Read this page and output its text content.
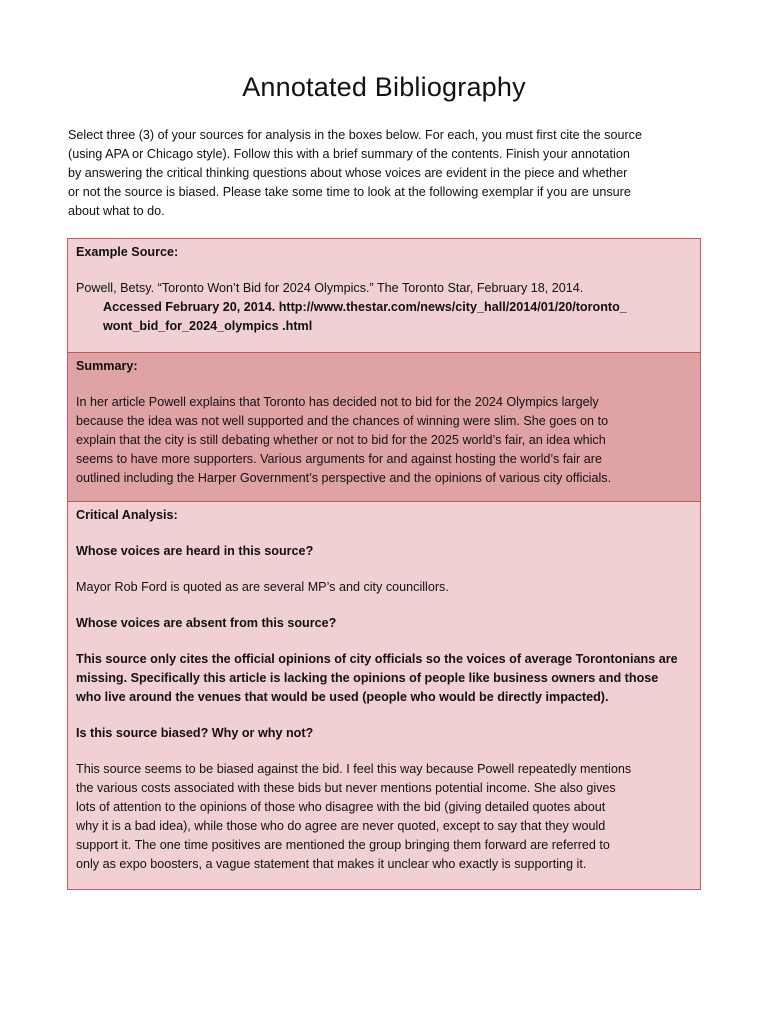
Annotated Bibliography
Select three (3) of your sources for analysis in the boxes below. For each, you must first cite the source
(using APA or Chicago style). Follow this with a brief summary of the contents. Finish your annotation
by answering the critical thinking questions about whose voices are evident in the piece and whether
or not the source is biased. Please take some time to look at the following exemplar if you are unsure
about what to do.

Example Source:

Powell, Betsy. “Toronto Won’t Bid for 2024 Olympics.” The Toronto Star, February 18, 2014.

Accessed February 20, 2014. http://www.thestar.com/news/city_hall/2014/01/20/toronto_

wont_bid_for_2024_olympics .html

Summary:

In her article Powell explains that Toronto has decided not to bid for the 2024 Olympics largely
because the idea was not well supported and the chances of winning were slim. She goes on to
explain that the city is still debating whether or not to bid for the 2025 world’s fair, an idea which
seems to have more supporters. Various arguments for and against hosting the world’s fair are
outlined including the Harper Government’s perspective and the opinions of various city officials.

Critical Analysis:

Whose voices are heard in this source?

Mayor Rob Ford is quoted as are several MP’s and city councillors.

Whose voices are absent from this source?

This source only cites the official opinions of city officials so the voices of average Torontonians are
missing. Specifically this article is lacking the opinions of people like business owners and those
who live around the venues that would be used (people who would be directly impacted).

Is this source biased? Why or why not?

This source seems to be biased against the bid. I feel this way because Powell repeatedly mentions
the various costs associated with these bids but never mentions potential income. She also gives
lots of attention to the opinions of those who disagree with the bid (giving detailed quotes about
why it is a bad idea), while those who do agree are never quoted, except to say that they would
support it. The one time positives are mentioned the group bringing them forward are referred to
only as expo boosters, a vague statement that makes it unclear who exactly is supporting it.
